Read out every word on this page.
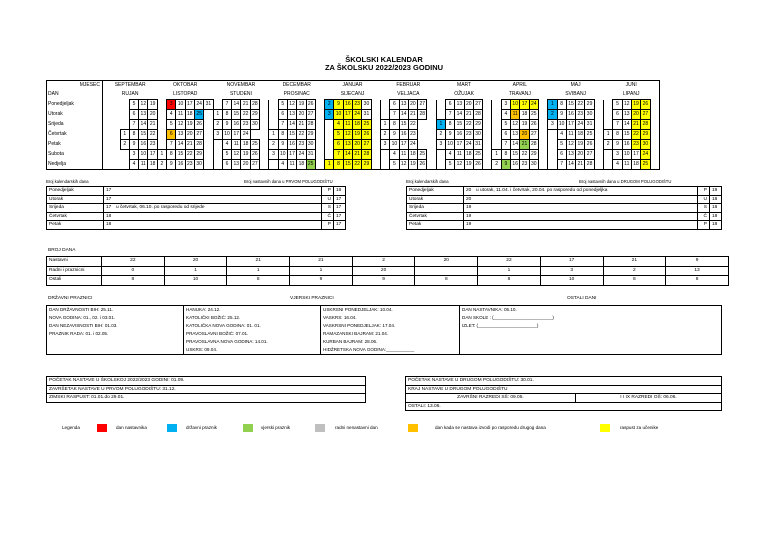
ŠKOLSKI KALENDAR
ZA ŠKOLSKU 2022/2023 GODINU
MJESEC	SEPTEMBAR						OKTOBAR						NOVEMBAR						DECEMBAR						JANUAR						FEBRUAR						MART						APRIL						MAJ						JUNI					
DAN	RUJAN						LISTOPAD						STUDENI						PROSINAC						SIJECANJ						VELJACA						OŽUJAK						TRAVANJ						SVIBANJ						LIPANJ					
Ponedjeljak				5	12	19		3	10	17	24	31		7	14	21	28			5	12	19	26		2	9	16	23	30			6	13	20	27			6	13	20	27			3	10	17	24		1	8	15	22	29			5	12	19	26	
Utorak				6	13	20		4	11	18	25		1	8	15	22	29			6	13	20	27		3	10	17	24	31			7	14	21	28			7	14	21	28			4	11	18	25		2	9	16	23	30			6	13	20	27	
Srijeda				7	14	21		5	12	19	26		2	9	16	23	30			7	14	21	28			4	11	18	25		1	8	15	22			1	8	15	22	29			5	12	19	26		3	10	17	24	31			7	14	21	28	
Četvrtak			1	8	15	22		6	13	20	27		3	10	17	24			1	8	15	22	29			5	12	19	26		2	9	16	23			2	9	16	23	30			6	13	20	27			4	11	18	25		1	8	15	22	29	
Petak			2	9	16	23		7	14	21	28			4	11	18	25		2	9	16	23	30			6	13	20	27		3	10	17	24			3	10	17	24	31			7	14	21	28			5	12	19	26		2	9	16	23	30	
Subota				3	10	17	1	8	15	22	29			5	12	19	26		3	10	17	24	31			7	14	21	28			4	11	18	25			4	11	18	25		1	8	15	22	29			6	13	20	27			3	10	17	24	
Nedjelja				4	11	18	2	9	16	23	30			6	13	20	27			4	11	18	25		1	8	15	22	29			5	12	19	26			5	12	19	26		2	9	16	23	30			7	14	21	28			4	11	18	25	
Broj kalendarskih dana	Broj nastavnih dana u PRVOM POLUGODIŠTU
Ponedjeljak	17		P	16
Utorak	17		U	17
Srijeda	17	u četvrtak, 06.10. po rasporedu od srijede	S	17
Četvrtak	18		Č	17
Petak	18		P	17
Broj kalendarskih dana	Broj nastavnih dana u DRUGOM POLUGODIŠTU
Ponedjeljak	20	u utorak, 11.04. i četvrtak, 20.04. po rasporedu od ponedjeljka	P	19
Utorak	20		U	18
Srijeda	19		S	18
Četvrtak	19		Č	18
Petak	19		P	18
BROJ DANA
Nastavni	22	20	21	21	2	20	22	17	21	9
Radni i praznicni	0	1	1	1	20		1	3	2	13
Ostali	8	10	8	9	9	8	8	10	8	8
DRŽAVNI PRAZNICI	VJERSKI PRAZNICI	OSTALI DANI
DAN DRŽAVNOSTI BIH: 25.11.	HANUKA: 24.12.	USKRSNI PONEDJELJAK: 10.04.	DAN NASTAVNIKA: 05.10.
NOVA GODINA: 01., 02. i 03.01.	KATOLIČKI BOŽIĆ: 25.12.	VASKRS: 16.04.	DAN SKOLE : (_______________________)
DAN NEZAVISNOSTI BIH: 01.03.	KATOLIČKA NOVA GODINA: 01. 01.	VASKRSNI PONEDJELJAK: 17.04.	IZLET: (_______________________)
PRAZNIK RADA: 01. i 02.05.	PRAVOSLAVNI BOŽIĆ: 07.01.	RAMAZANSKI BAJRAM: 21.04.	
	PRAVOSLAVNA NOVA GODINA: 14.01.	KURBAN BAJRAM: 28.06.	
	USKRS: 09.04.	HIDŽRETSKA NOVA GODINA:___________	
POČETAK NASTAVE U ŠKOLSKOJ 2022/2023 GODINI: 01.09.
ZAVRŠETAK NASTAVE U PRVOM POLUGODIŠTU: 31.12.
ZIMSKI RASPUST: 01.01.do 29.01.
POČETAK NASTAVE U DRUGOM POLUGODIŠTU: 30.01.
KRAJ NASTAVE U DRUGOM POLUGODIŠTU
ZAVRŠNI RAZREDI SŠ: 09.05.	I I IX RAZREDI OŠ: 06.06.
OSTALI: 13.06.
Legenda	dan nastavnika	državni praznik	vjerski praznik	radni nenastavni dan	dan kada se nastava izvodi po rasporedu drugog dana	raspust za učenike
